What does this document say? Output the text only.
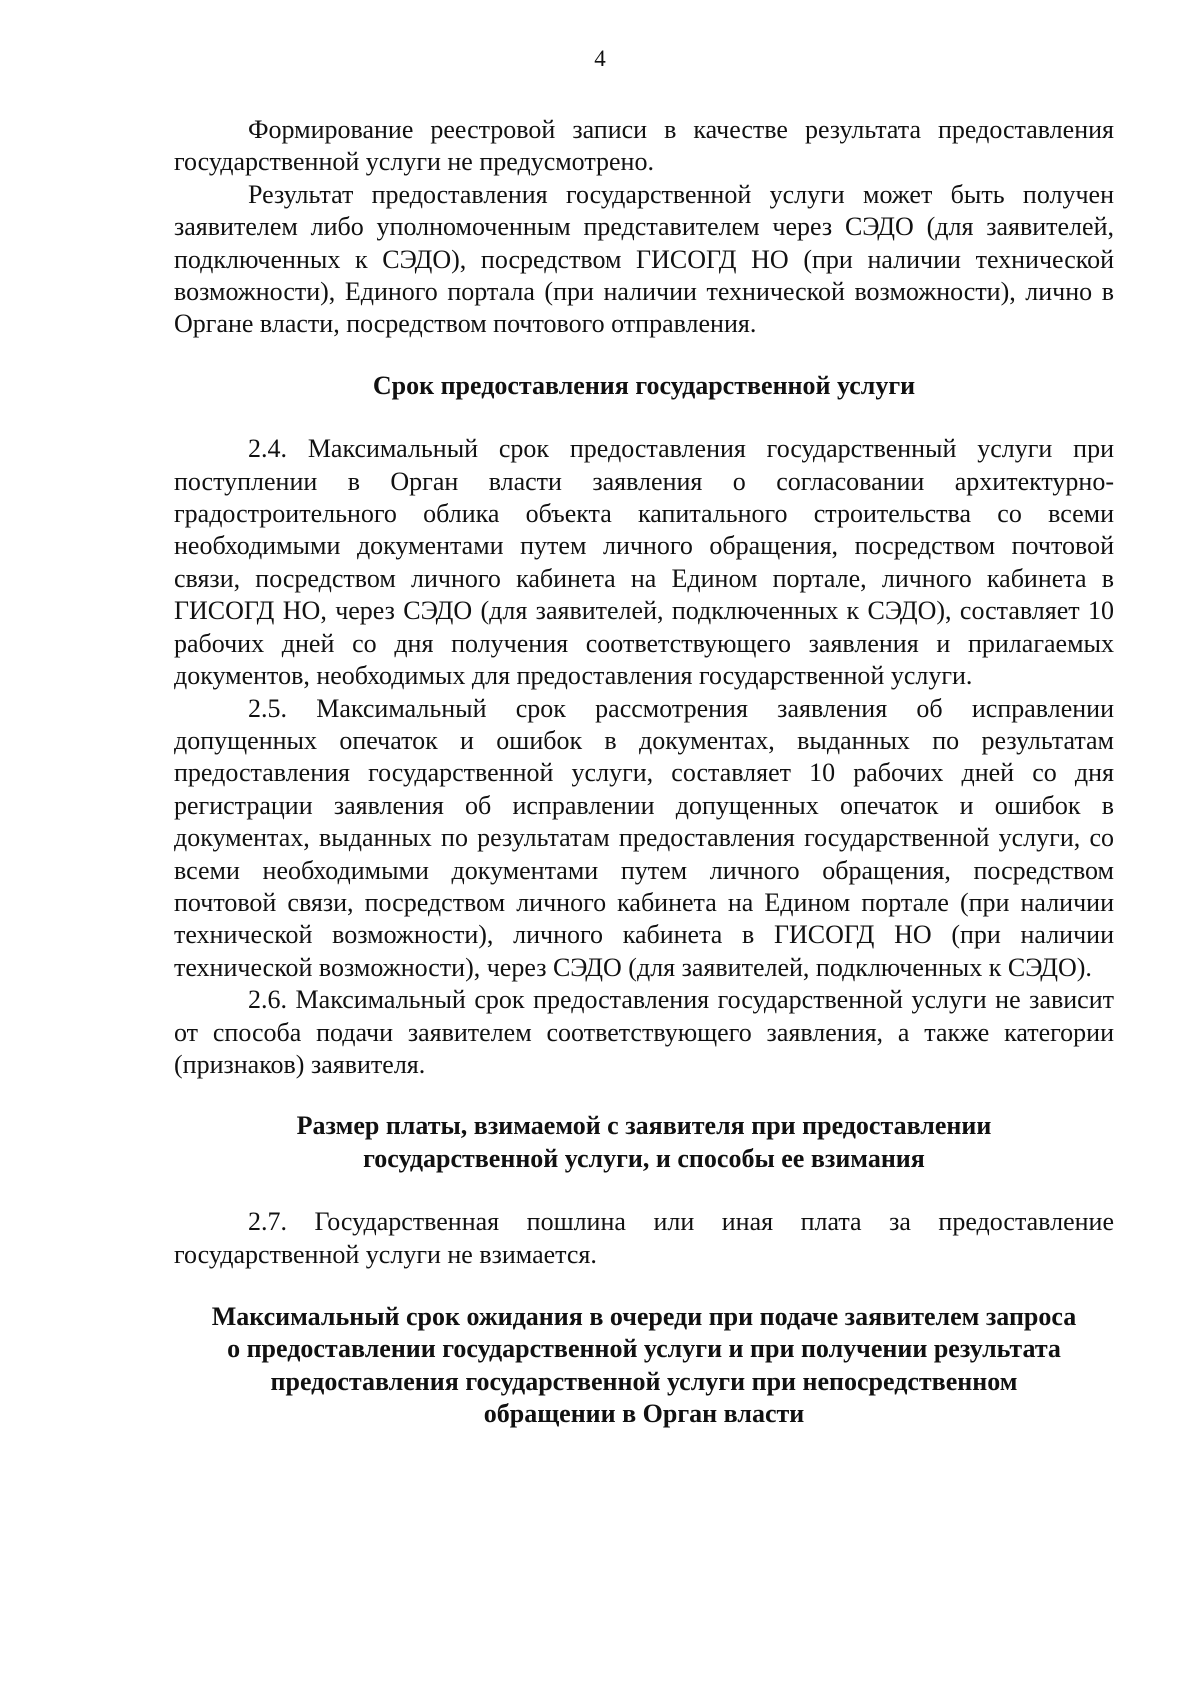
4

Формирование реестровой записи в качестве результата предоставления государственной услуги не предусмотрено.

Результат предоставления государственной услуги может быть получен заявителем либо уполномоченным представителем через СЭДО (для заявителей, подключенных к СЭДО), посредством ГИСОГД НО (при наличии технической возможности), Единого портала (при наличии технической возможности), лично в Органе власти, посредством почтового отправления.

Срок предоставления государственной услуги

2.4. Максимальный срок предоставления государственный услуги при поступлении в Орган власти заявления о согласовании архитектурно-градостроительного облика объекта капитального строительства со всеми необходимыми документами путем личного обращения, посредством почтовой связи, посредством личного кабинета на Едином портале, личного кабинета в ГИСОГД НО, через СЭДО (для заявителей, подключенных к СЭДО), составляет 10 рабочих дней со дня получения соответствующего заявления и прилагаемых документов, необходимых для предоставления государственной услуги.

2.5. Максимальный срок рассмотрения заявления об исправлении допущенных опечаток и ошибок в документах, выданных по результатам предоставления государственной услуги, составляет 10 рабочих дней со дня регистрации заявления об исправлении допущенных опечаток и ошибок в документах, выданных по результатам предоставления государственной услуги, со всеми необходимыми документами путем личного обращения, посредством почтовой связи, посредством личного кабинета на Едином портале (при наличии технической возможности), личного кабинета в ГИСОГД НО (при наличии технической возможности), через СЭДО (для заявителей, подключенных к СЭДО).

2.6. Максимальный срок предоставления государственной услуги не зависит от способа подачи заявителем соответствующего заявления, а также категории (признаков) заявителя.

Размер платы, взимаемой с заявителя при предоставлении
государственной услуги, и способы ее взимания

2.7. Государственная пошлина или иная плата за предоставление государственной услуги не взимается.

Максимальный срок ожидания в очереди при подаче заявителем запроса
о предоставлении государственной услуги и при получении результата
предоставления государственной услуги при непосредственном
обращении в Орган власти
